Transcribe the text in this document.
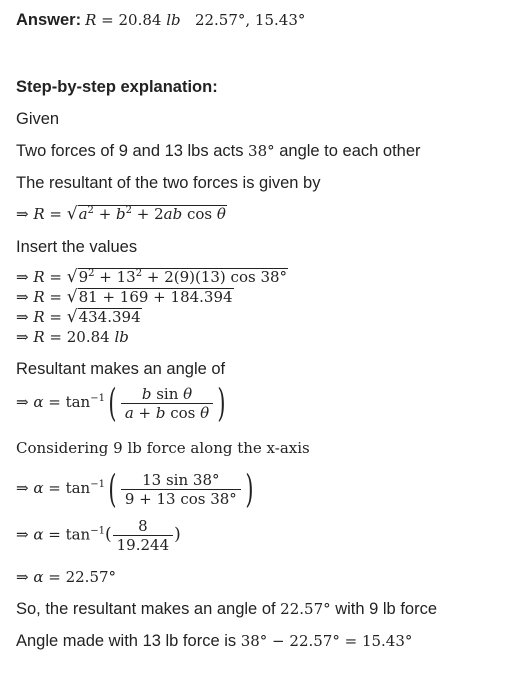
Answer: R = 20.84 lb 22.57°, 15.43°
Step-by-step explanation:
Given
Two forces of 9 and 13 lbs acts 38° angle to each other
The resultant of the two forces is given by
⇒ $R = √a^2 + b^2 + 2ab$ cos θ
Insert the values
⇒ $R = √9^2 + 13^2 + 2(9)(13)$ cos 38°
⇒ R = √81 + 169 + 184.394
⇒ R = √434.394
⇒ R = 20.84 lb
Resultant makes an angle of
⇒ $\alpha = \tan^{-1}( \frac{\text{b sin θ}}{\text{a + b cos θ}}$ )
Considering 9 lb force along the x-axis
⇒ $\alpha = \tan^{-1}( \frac{13 \sin 38^\circ}{9 + 13 \cos 38^\circ}$ )
⇒ $\alpha = \tan^{-1}( \frac{8}{19.244}$ )
⇒ α = 22.57°
So, the resultant makes an angle of 22.57° with 9 lb force
Angle made with 13 lb force is 38° − 22.57° = 15.43°
